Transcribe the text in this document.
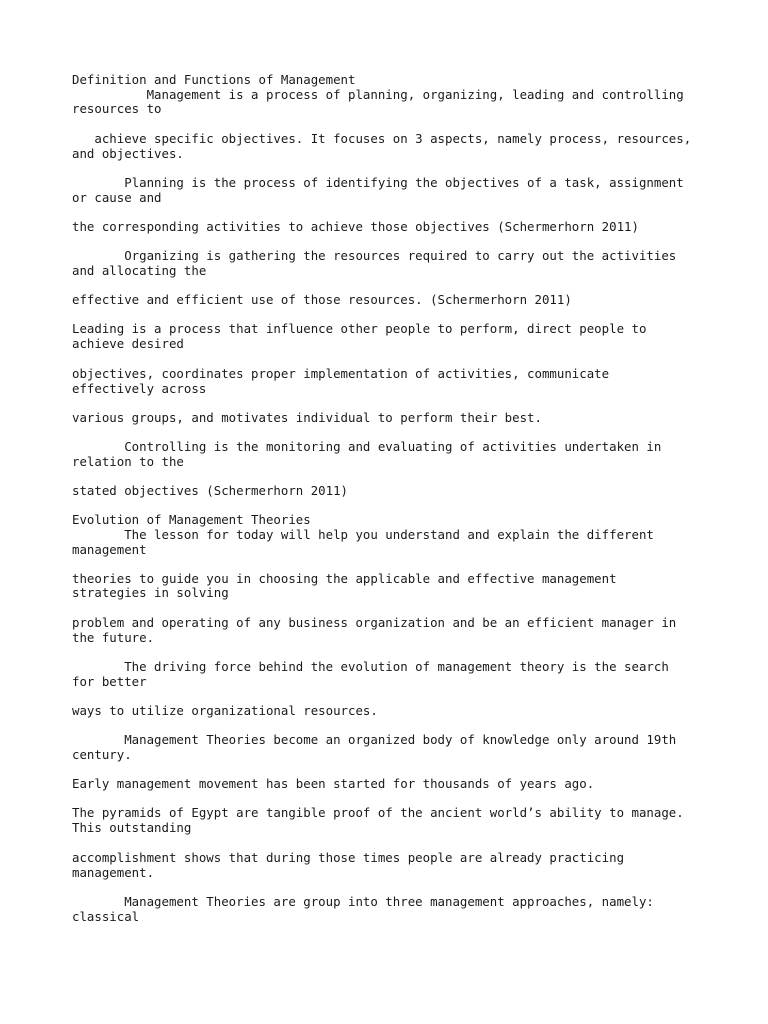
Definition and Functions of Management

Management is a process of planning, organizing, leading and controlling

resources to

achieve specific objectives. It focuses on 3 aspects, namely process, resources,

and objectives.

Planning is the process of identifying the objectives of a task, assignment

or cause and

the corresponding activities to achieve those objectives (Schermerhorn 2011)

Organizing is gathering the resources required to carry out the activities

and allocating the

effective and efficient use of those resources. (Schermerhorn 2011)

Leading is a process that influence other people to perform, direct people to

achieve desired

objectives, coordinates proper implementation of activities, communicate

effectively across

various groups, and motivates individual to perform their best.

Controlling is the monitoring and evaluating of activities undertaken in

relation to the

stated objectives (Schermerhorn 2011)

Evolution of Management Theories

The lesson for today will help you understand and explain the different

management

theories to guide you in choosing the applicable and effective management

strategies in solving

problem and operating of any business organization and be an efficient manager in

the future.

The driving force behind the evolution of management theory is the search

for better

ways to utilize organizational resources.

Management Theories become an organized body of knowledge only around 19th

century.

Early management movement has been started for thousands of years ago.

The pyramids of Egypt are tangible proof of the ancient world’s ability to manage.

This outstanding

accomplishment shows that during those times people are already practicing

management.

Management Theories are group into three management approaches, namely:

classical
